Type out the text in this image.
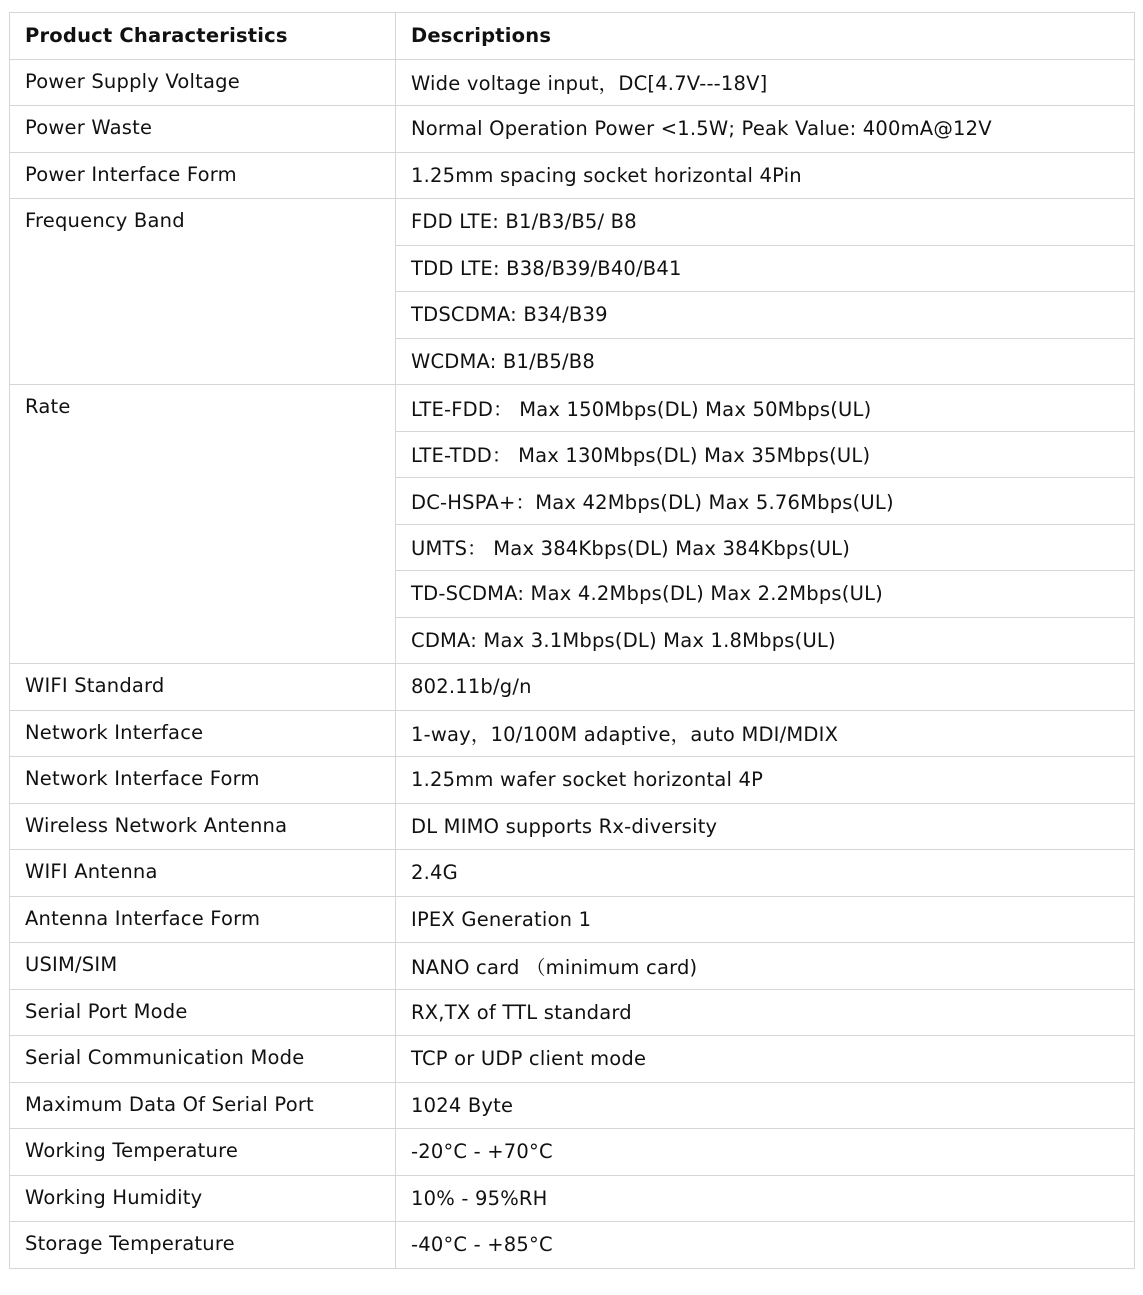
Product Characteristics	Descriptions
Power Supply Voltage	Wide voltage input，DC[4.7V---18V]
Power Waste	Normal Operation Power <1.5W; Peak Value: 400mA@12V
Power Interface Form	1.25mm spacing socket horizontal 4Pin
Frequency Band	FDD LTE: B1/B3/B5/ B8
	TDD LTE: B38/B39/B40/B41
	TDSCDMA: B34/B39
	WCDMA: B1/B5/B8
Rate	LTE-FDD： Max 150Mbps(DL) Max 50Mbps(UL)
	LTE-TDD： Max 130Mbps(DL) Max 35Mbps(UL)
	DC-HSPA+：Max 42Mbps(DL) Max 5.76Mbps(UL)
	UMTS： Max 384Kbps(DL) Max 384Kbps(UL)
	TD-SCDMA: Max 4.2Mbps(DL) Max 2.2Mbps(UL)
	CDMA: Max 3.1Mbps(DL) Max 1.8Mbps(UL)
WIFI Standard	802.11b/g/n
Network Interface	1-way，10/100M adaptive，auto MDI/MDIX
Network Interface Form	1.25mm wafer socket horizontal 4P
Wireless Network Antenna	DL MIMO supports Rx-diversity
WIFI Antenna	2.4G
Antenna Interface Form	IPEX Generation 1
USIM/SIM	NANO card （minimum card)
Serial Port Mode	RX,TX of TTL standard
Serial Communication Mode	TCP or UDP client mode
Maximum Data Of Serial Port	1024 Byte
Working Temperature	-20°C - +70°C
Working Humidity	10% - 95%RH
Storage Temperature	-40°C - +85°C
